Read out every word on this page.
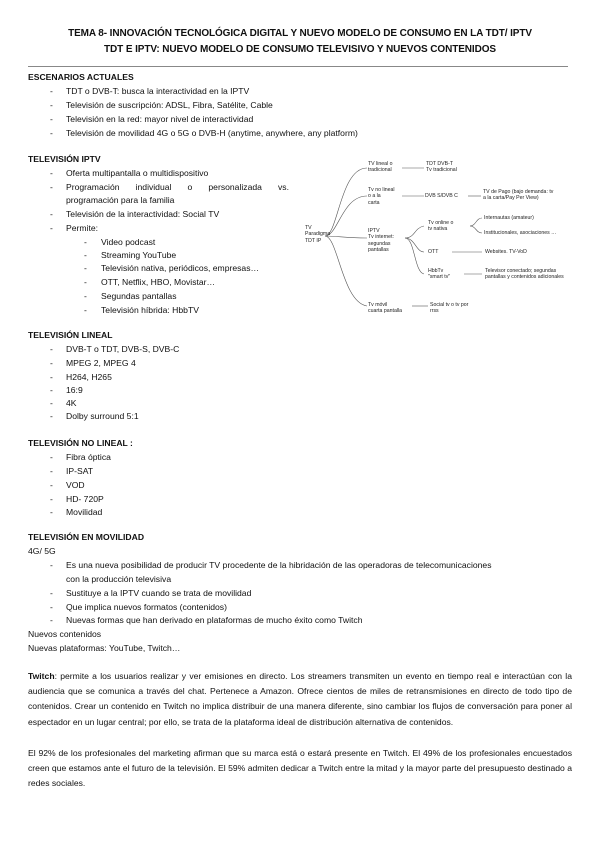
TEMA 8- INNOVACIÓN TECNOLÓGICA DIGITAL Y NUEVO MODELO DE CONSUMO EN LA TDT/ IPTV
TDT E IPTV: NUEVO MODELO DE CONSUMO TELEVISIVO Y NUEVOS CONTENIDOS
ESCENARIOS ACTUALES
- TDT o DVB-T: busca la interactividad en la IPTV
- Televisión de suscripción: ADSL, Fibra, Satélite, Cable
- Televisión en la red: mayor nivel de interactividad
- Televisión de movilidad 4G o 5G o DVB-H (anytime, anywhere, any platform)
TELEVISIÓN IPTV
- Oferta multipantalla o multidispositivo
- Programación individual o personalizada vs.
programación para la familia
- Televisión de la interactividad: Social TV
- Permite:
- Video podcast
- Streaming YouTube
- Televisión nativa, periódicos, empresas…
- OTT, Netflix, HBO, Movistar…
- Segundas pantallas
- Televisión híbrida: HbbTV
TV
Paradigma
TDT IP
TV lineal o
tradicional
TDT DVB-T
Tv tradicional
Tv no lineal
o a la
carta
DVB S/DVB C
TV de Pago (bajo demanda: tv
a la carta/Pay Per View)
IPTV
Tv internet:
segundas
pantallas
Tv online o
tv nativa
Internautas (amateur)
Institucionales, asociaciones …
OTT	Websites. TV-VoD
HbbTv
"smart tv"
Televisor conectado; segundas
pantallas y contenidos adicionales
Tv móvil
cuarta pantalla
Social tv o tv por
rrss
TELEVISIÓN LINEAL
- DVB-T o TDT, DVB-S, DVB-C
- MPEG 2, MPEG 4
- H264, H265
- 16:9
- 4K
- Dolby surround 5:1
TELEVISIÓN NO LINEAL :
- Fibra óptica
- IP-SAT
- VOD
- HD- 720P
- Movilidad
TELEVISIÓN EN MOVILIDAD
4G/ 5G
- Es una nueva posibilidad de producir TV procedente de la hibridación de las operadoras de telecomunicaciones
con la producción televisiva
- Sustituye a la IPTV cuando se trata de movilidad
- Que implica nuevos formatos (contenidos)
- Nuevas formas que han derivado en plataformas de mucho éxito como Twitch
Nuevos contenidos
Nuevas plataformas: YouTube, Twitch…
Twitch: permite a los usuarios realizar y ver emisiones en directo. Los streamers transmiten un evento en tiempo real e interactúan con la audiencia que se comunica a través del chat. Pertenece a Amazon. Ofrece cientos de miles de retransmisiones en directo de todo tipo de contenidos. Crear un contenido en Twitch no implica distribuir de una manera diferente, sino cambiar los flujos de conversación para poner al espectador en un lugar central; por ello, se trata de la plataforma ideal de distribución alternativa de contenidos.
El 92% de los profesionales del marketing afirman que su marca está o estará presente en Twitch. El 49% de los profesionales encuestados creen que estamos ante el futuro de la televisión. El 59% admiten dedicar a Twitch entre la mitad y la mayor parte del presupuesto destinado a redes sociales.
